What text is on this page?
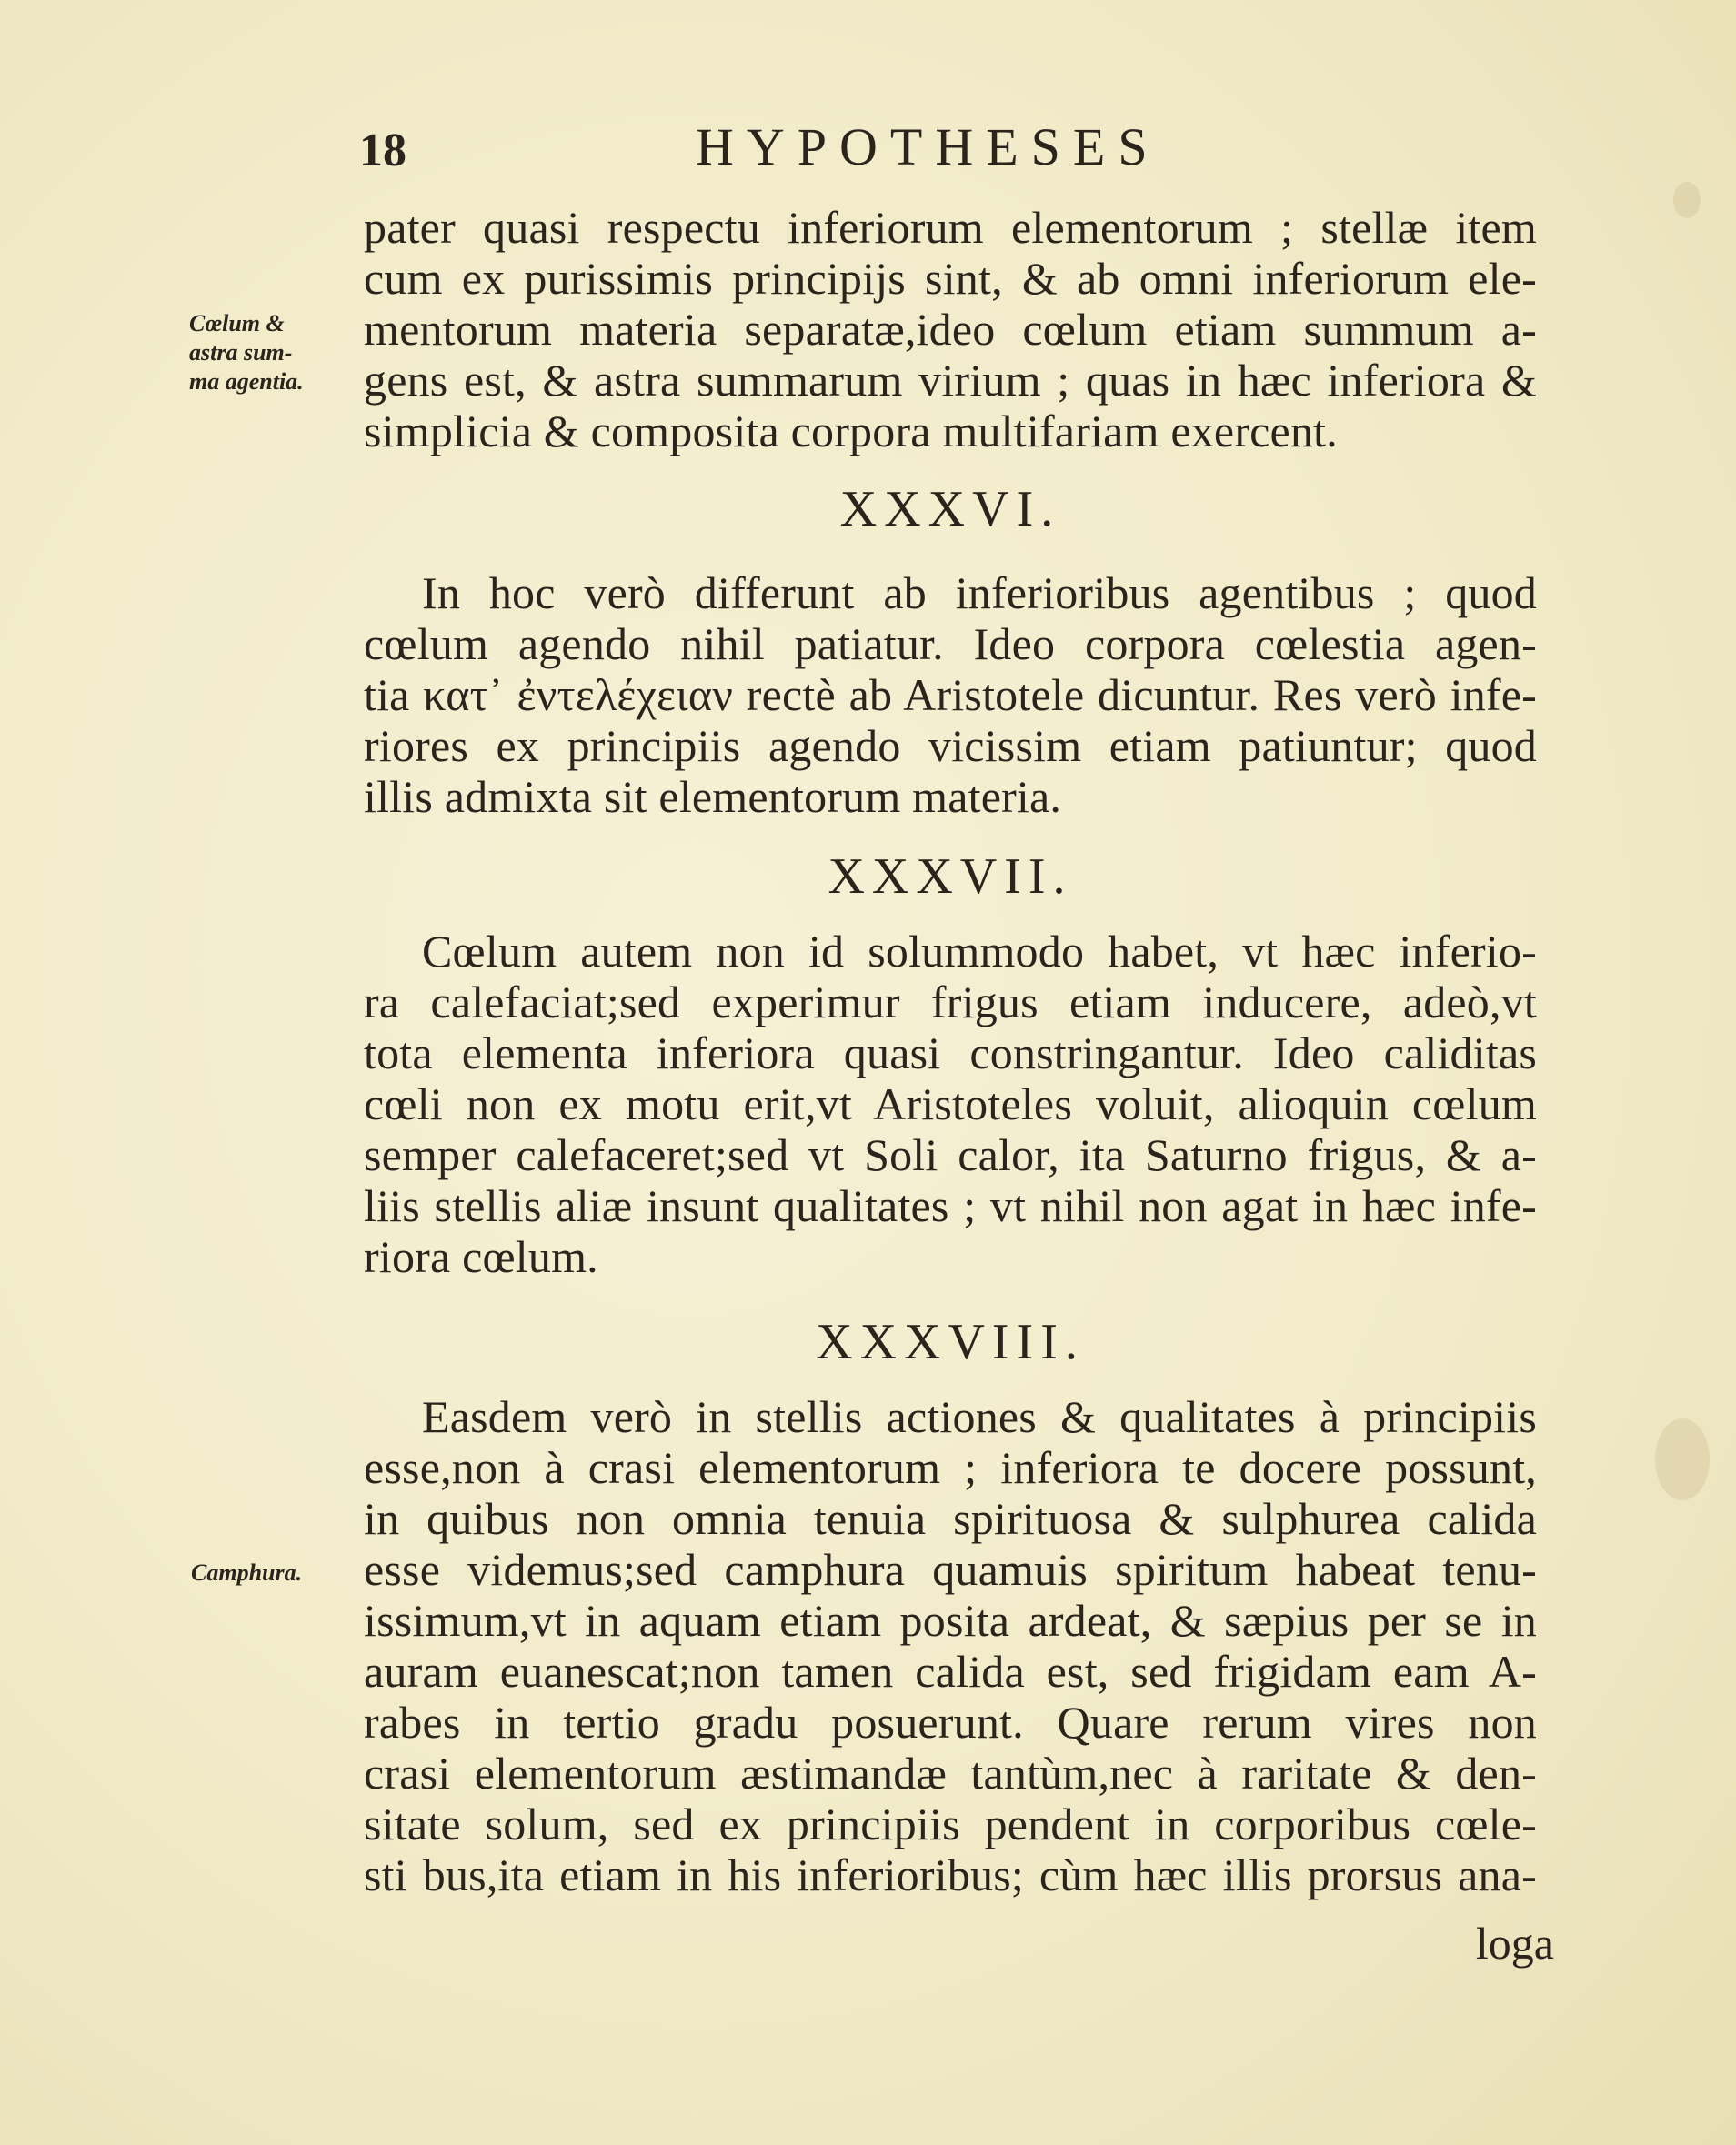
18	HYPOTHESES
pater quasi respectu inferiorum elementorum ; stellæ item
cum ex purissimis principijs sint, & ab omni inferiorum ele-
mentorum materia separatæ,ideo cœlum etiam summum a-
gens est, & astra summarum virium ; quas in hæc inferiora &
simplicia & composita corpora multifariam exercent.
Cœlum &
astra sum-
ma agentia.
XXXVI.
In hoc verò differunt ab inferioribus agentibus ; quod
cœlum agendo nihil patiatur. Ideo corpora cœlestia agen-
tia κατ᾽ ἐντελέχειαν rectè ab Aristotele dicuntur. Res verò infe-
riores ex principiis agendo vicissim etiam patiuntur; quod
illis admixta sit elementorum materia.
XXXVII.
Cœlum autem non id solummodo habet, vt hæc inferio-
ra calefaciat;sed experimur frigus etiam inducere, adeò,vt
tota elementa inferiora quasi constringantur. Ideo caliditas
cœli non ex motu erit,vt Aristoteles voluit, alioquin cœlum
semper calefaceret;sed vt Soli calor, ita Saturno frigus, & a-
liis stellis aliæ insunt qualitates ; vt nihil non agat in hæc infe-
riora cœlum.
XXXVIII.
Easdem verò in stellis actiones & qualitates à principiis
esse,non à crasi elementorum ; inferiora te docere possunt,
in quibus non omnia tenuia spirituosa & sulphurea calida
esse videmus;sed camphura quamuis spiritum habeat tenu-
issimum,vt in aquam etiam posita ardeat, & sæpius per se in
auram euanescat;non tamen calida est, sed frigidam eam A-
rabes in tertio gradu posuerunt. Quare rerum vires non
crasi elementorum æstimandæ tantùm,nec à raritate & den-
sitate solum, sed ex principiis pendent in corporibus cœle-
sti bus,ita etiam in his inferioribus; cùm hæc illis prorsus ana-
Camphura.
loga
